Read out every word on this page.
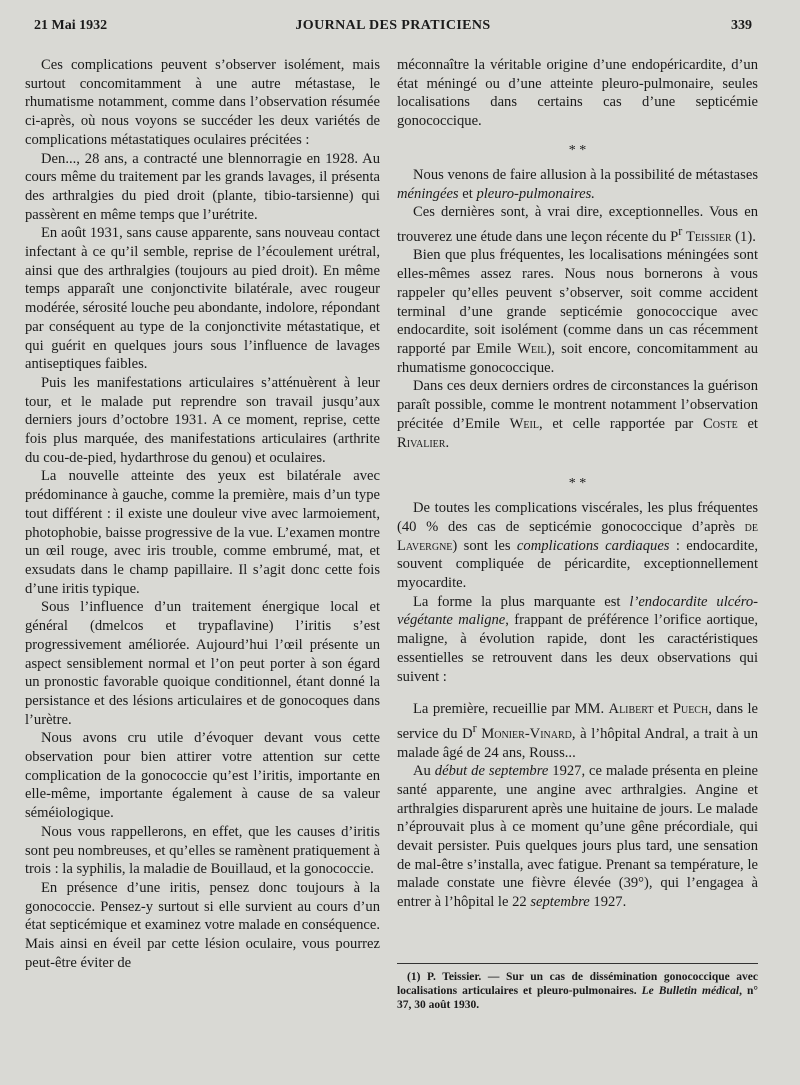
21 Mai 1932	JOURNAL DES PRATICIENS	339

Ces complications peuvent s’observer isolément, mais surtout concomitamment à une autre métastase, le rhumatisme notamment, comme dans l’observation résumée ci-après, où nous voyons se succéder les deux variétés de complications métastatiques oculaires précitées :

Den..., 28 ans, a contracté une blennorragie en 1928. Au cours même du traitement par les grands lavages, il présenta des arthralgies du pied droit (plante, tibio-tarsienne) qui passèrent en même temps que l’urétrite.

En août 1931, sans cause apparente, sans nouveau contact infectant à ce qu’il semble, reprise de l’écoulement urétral, ainsi que des arthralgies (toujours au pied droit). En même temps apparaît une conjonctivite bilatérale, avec rougeur modérée, sérosité louche peu abondante, indolore, répondant par conséquent au type de la conjonctivite métastatique, et qui guérit en quelques jours sous l’influence de lavages antiseptiques faibles.

Puis les manifestations articulaires s’atténuèrent à leur tour, et le malade put reprendre son travail jusqu’aux derniers jours d’octobre 1931. A ce moment, reprise, cette fois plus marquée, des manifestations articulaires (arthrite du cou-de-pied, hydarthrose du genou) et oculaires.

La nouvelle atteinte des yeux est bilatérale avec prédominance à gauche, comme la première, mais d’un type tout différent : il existe une douleur vive avec larmoiement, photophobie, baisse progressive de la vue. L’examen montre un œil rouge, avec iris trouble, comme embrumé, mat, et exsudats dans le champ papillaire. Il s’agit donc cette fois d’une iritis typique.

Sous l’influence d’un traitement énergique local et général (dmelcos et trypaflavine) l’iritis s’est progressivement améliorée. Aujourd’hui l’œil présente un aspect sensiblement normal et l’on peut porter à son égard un pronostic favorable quoique conditionnel, étant donné la persistance et des lésions articulaires et de gonocoques dans l’urètre.

Nous avons cru utile d’évoquer devant vous cette observation pour bien attirer votre attention sur cette complication de la gonococcie qu’est l’iritis, importante en elle-même, importante également à cause de sa valeur séméiologique.

Nous vous rappellerons, en effet, que les causes d’iritis sont peu nombreuses, et qu’elles se ramènent pratiquement à trois : la syphilis, la maladie de Bouillaud, et la gonococcie.

En présence d’une iritis, pensez donc toujours à la gonococcie. Pensez-y surtout si elle survient au cours d’un état septicémique et examinez votre malade en conséquence. Mais ainsi en éveil par cette lésion oculaire, vous pourrez peut-être éviter de

méconnaître la véritable origine d’une endopéricardite, d’un état méningé ou d’une atteinte pleuro-pulmonaire, seules localisations dans certains cas d’une septicémie gonococcique.

* *

Nous venons de faire allusion à la possibilité de métastases méningées et pleuro-pulmonaires.

Ces dernières sont, à vrai dire, exceptionnelles. Vous en trouverez une étude dans une leçon récente du $P^r$ Teissier (1).

Bien que plus fréquentes, les localisations méningées sont elles-mêmes assez rares. Nous nous bornerons à vous rappeler qu’elles peuvent s’observer, soit comme accident terminal d’une grande septicémie gonococcique avec endocardite, soit isolément (comme dans un cas récemment rapporté par Emile Weil), soit encore, concomitamment au rhumatisme gonococcique.

Dans ces deux derniers ordres de circonstances la guérison paraît possible, comme le montrent notamment l’observation précitée d’Emile Weil, et celle rapportée par Coste et Rivalier.

* *

De toutes les complications viscérales, les plus fréquentes (40 % des cas de septicémie gonococcique d’après de Lavergne) sont les complications cardiaques : endocardite, souvent compliquée de péricardite, exceptionnellement myocardite.

La forme la plus marquante est l’endocardite ulcéro-végétante maligne, frappant de préférence l’orifice aortique, maligne, à évolution rapide, dont les caractéristiques essentielles se retrouvent dans les deux observations qui suivent :

La première, recueillie par MM. Alibert et Puech, dans le service du $D^r$ Monier-Vinard, à l’hôpital Andral, a trait à un malade âgé de 24 ans, Rouss...

Au début de septembre 1927, ce malade présenta en pleine santé apparente, une angine avec arthralgies. Angine et arthralgies disparurent après une huitaine de jours. Le malade n’éprouvait plus à ce moment qu’une gêne précordiale, qui devait persister. Puis quelques jours plus tard, une sensation de mal-être s’installa, avec fatigue. Prenant sa température, le malade constate une fièvre élevée (39°), qui l’engagea à entrer à l’hôpital le 22 septembre 1927.

(1) P. Teissier. — Sur un cas de dissémination gonococcique avec localisations articulaires et pleuro-pulmonaires. Le Bulletin médical, n° 37, 30 août 1930.
